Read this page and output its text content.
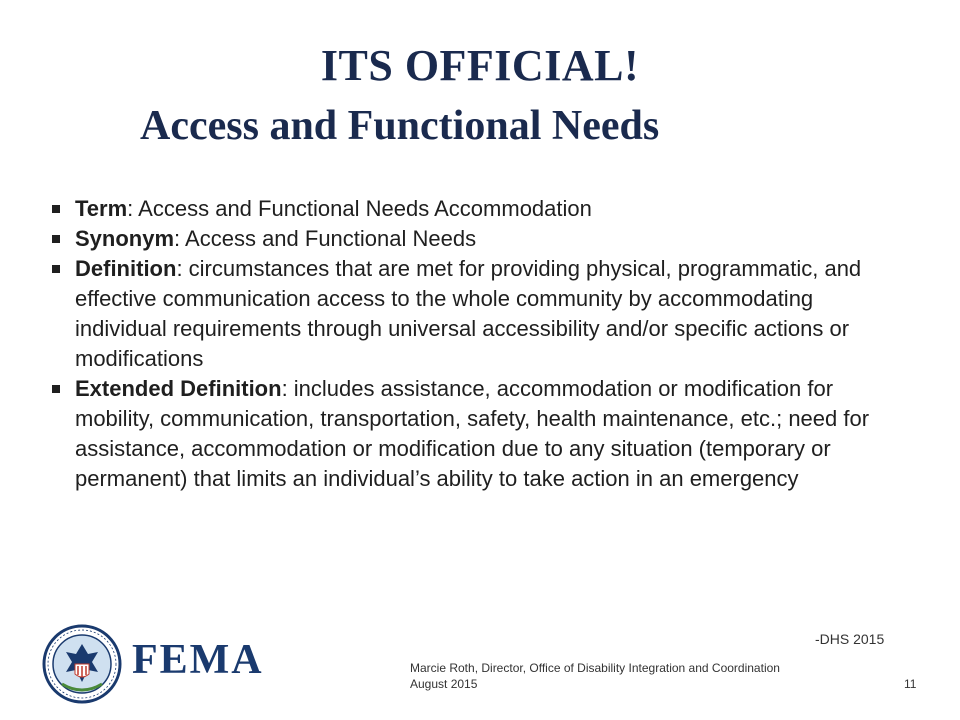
ITS OFFICIAL!
Access and Functional Needs
Term: Access and Functional Needs Accommodation
Synonym: Access and Functional Needs
Definition: circumstances that are met for providing physical, programmatic, and effective communication access to the whole community by accommodating individual requirements through universal accessibility and/or specific actions or modifications
Extended Definition: includes assistance, accommodation or modification for mobility, communication, transportation, safety, health maintenance, etc.; need for assistance, accommodation or modification due to any situation (temporary or permanent) that limits an individual’s ability to take action in an emergency
-DHS 2015
FEMA	Marcie Roth, Director, Office of Disability Integration and Coordination
August 2015	11
